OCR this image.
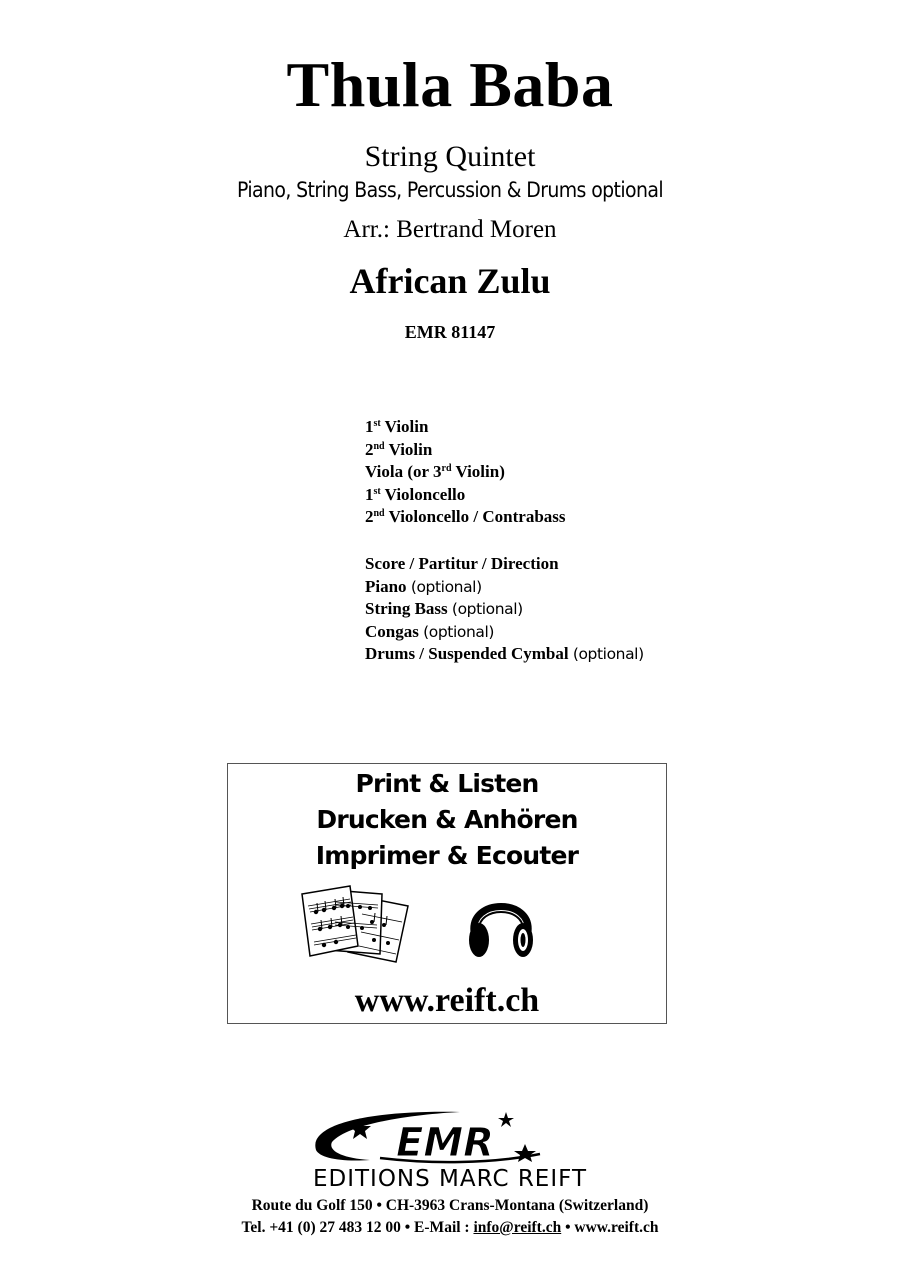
Thula Baba
String Quintet
Piano, String Bass, Percussion & Drums optional
Arr.: Bertrand Moren
African Zulu
EMR 81147
1st Violin
2nd Violin
Viola (or 3rd Violin)
1st Violoncello
2nd Violoncello / Contrabass
Score / Partitur / Direction
Piano (optional)
String Bass (optional)
Congas (optional)
Drums / Suspended Cymbal (optional)
Print & Listen
Drucken & Anhören
Imprimer & Ecouter
www.reift.ch
EMR
EDITIONS MARC REIFT
Route du Golf 150 • CH-3963 Crans-Montana (Switzerland)
Tel. +41 (0) 27 483 12 00 • E-Mail : info@reift.ch • www.reift.ch
